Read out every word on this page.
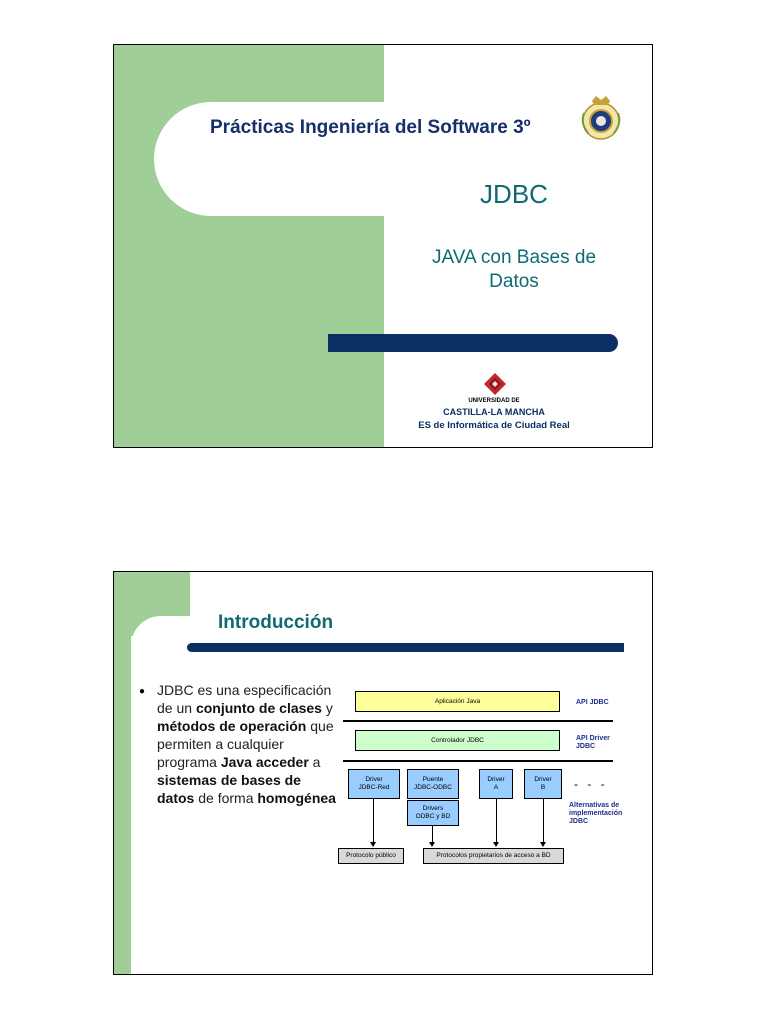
Prácticas Ingeniería del Software 3º
JDBC
JAVA con Bases de
Datos
UNIVERSIDAD DE
CASTILLA-LA MANCHA
ES de Informática de Ciudad Real
Introducción
● JDBC es una especificación de un conjunto de clases y métodos de operación que permiten a cualquier programa Java acceder a sistemas de bases de datos de forma homogénea
Aplicación Java	API JDBC
Controlador JDBC	API Driver
JDBC
Driver
JDBC-Red
Puente
JDBC-ODBC
Drivers
ODBC y BD
Driver
A
Driver
B - - -
Alternativas de
implementación
JDBC
Protocolo público	Protocolos propietarios de acceso a BD
